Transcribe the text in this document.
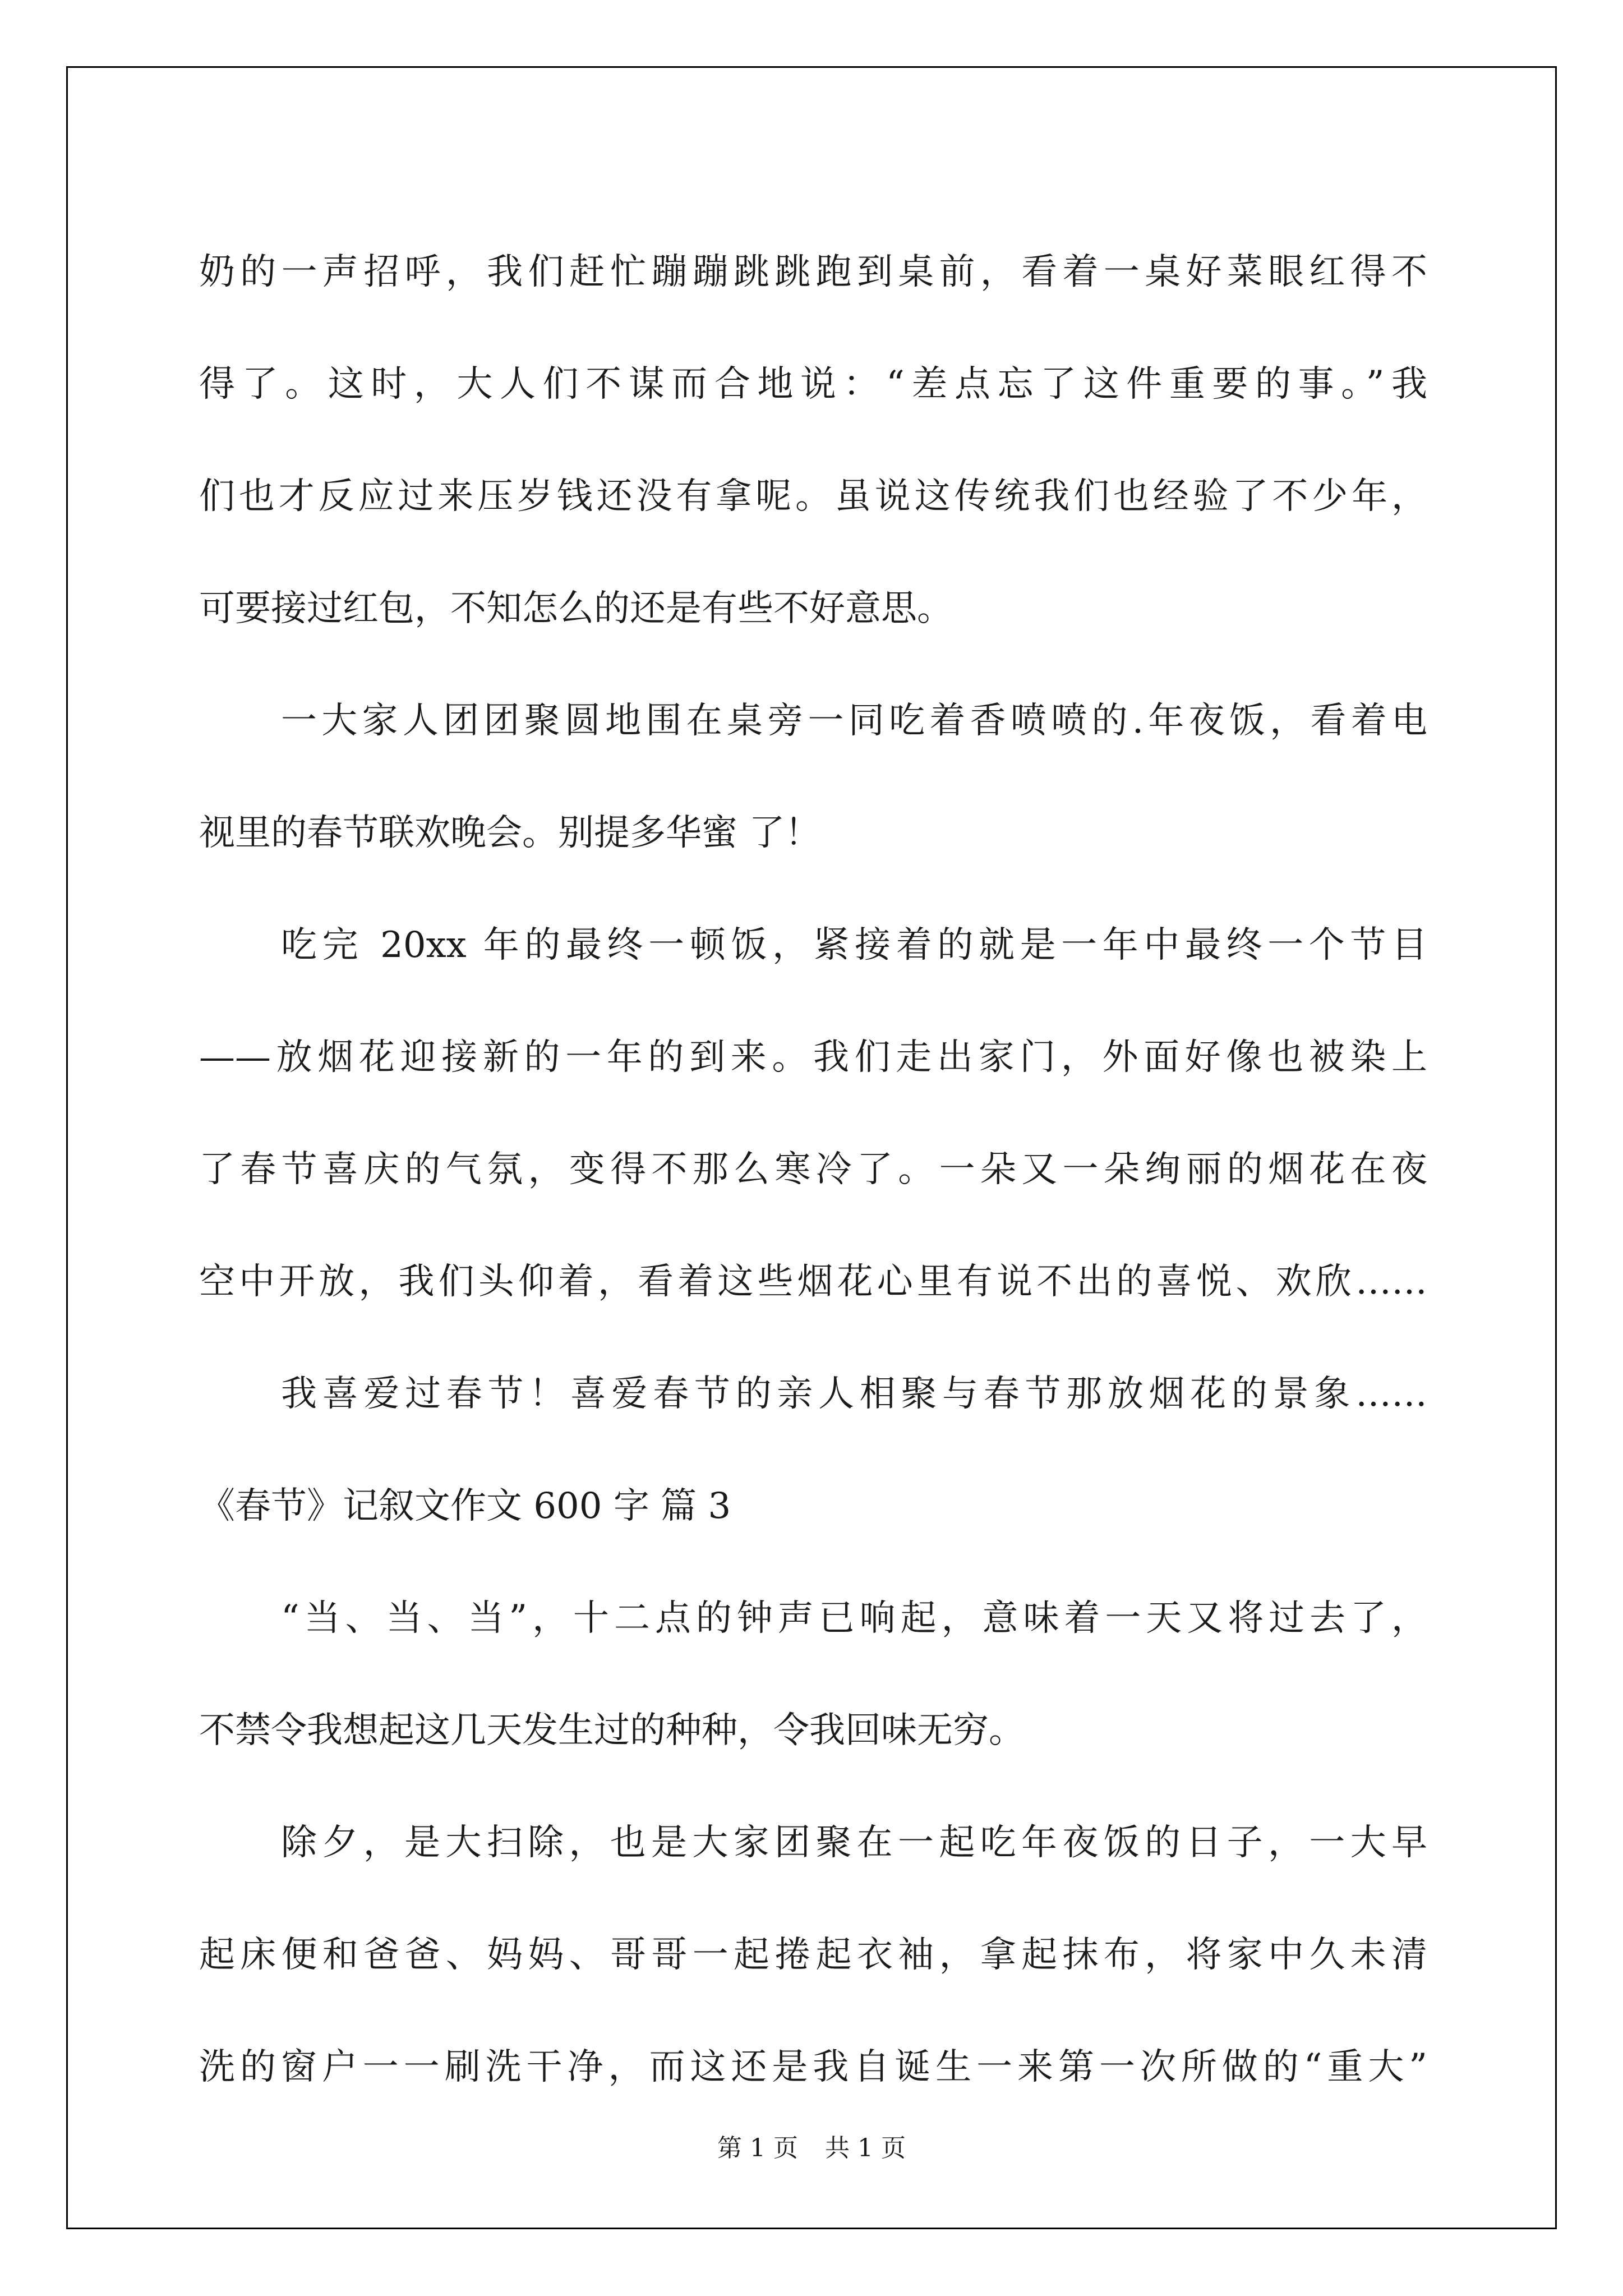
奶的一声招呼，我们赶忙蹦蹦跳跳跑到桌前，看着一桌好菜眼红得不
得了。这时，大人们不谋而合地说：“差点忘了这件重要的事。”我
们也才反应过来压岁钱还没有拿呢。虽说这传统我们也经验了不少年，
可要接过红包，不知怎么的还是有些不好意思。
一大家人团团聚圆地围在桌旁一同吃着香喷喷的.年夜饭，看着电
视里的春节联欢晚会。别提多华蜜 了！
吃完 20xx 年的最终一顿饭，紧接着的就是一年中最终一个节目
——放烟花迎接新的一年的到来。我们走出家门，外面好像也被染上
了春节喜庆的气氛，变得不那么寒冷了。一朵又一朵绚丽的烟花在夜
空中开放，我们头仰着，看着这些烟花心里有说不出的喜悦、欢欣……
我喜爱过春节！喜爱春节的亲人相聚与春节那放烟花的景象……
《春节》记叙文作文 600 字 篇 3
“当、当、当”，十二点的钟声已响起，意味着一天又将过去了，
不禁令我想起这几天发生过的种种，令我回味无穷。
除夕，是大扫除，也是大家团聚在一起吃年夜饭的日子，一大早
起床便和爸爸、妈妈、哥哥一起捲起衣袖，拿起抹布，将家中久未清
洗的窗户一一刷洗干净，而这还是我自诞生一来第一次所做的“重大”
第 1 页 共 1 页
